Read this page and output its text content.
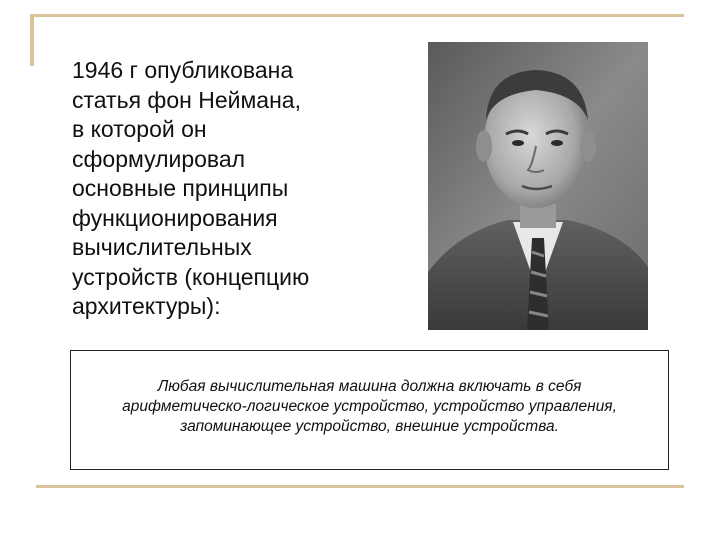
1946 г опубликована
статья фон Неймана,
в которой он
сформулировал
основные принципы
функционирования
вычислительных
устройств (концепцию
архитектуры):

Любая вычислительная машина должна включать в себя
арифметическо-логическое устройство, устройство управления,
запоминающее устройство, внешние устройства.
